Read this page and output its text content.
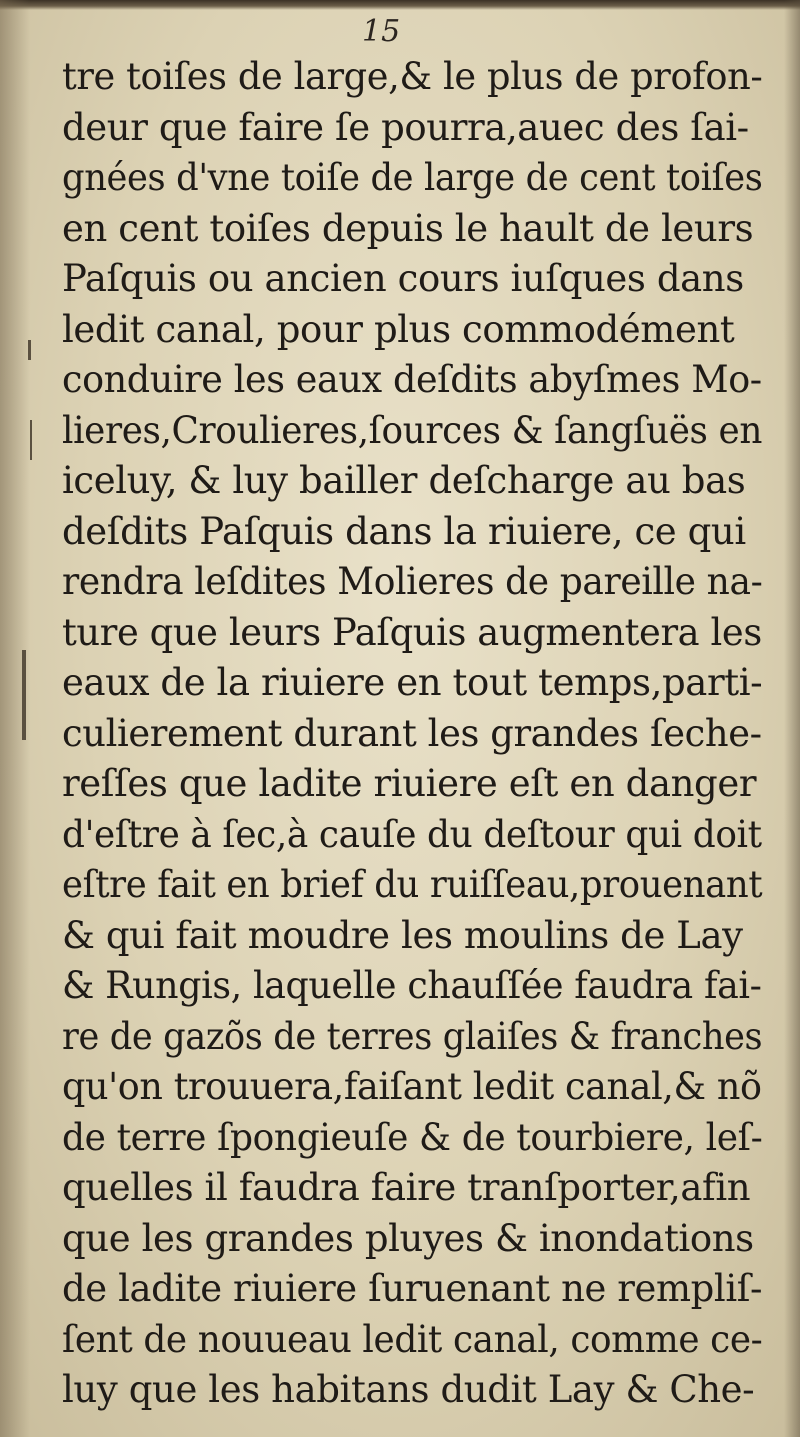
15
tre toiſes de large,& le plus de profon-
deur que faire ſe pourra,auec des ſai-
gnées d'vne toiſe de large de cent toiſes
en cent toiſes depuis le hault de leurs
Paſquis ou ancien cours iuſques dans
ledit canal, pour plus commodément
conduire les eaux deſdits abyſmes Mo-
lieres,Croulieres,ſources & ſangſuës en
iceluy, & luy bailler deſcharge au bas
deſdits Paſquis dans la riuiere, ce qui
rendra leſdites Molieres de pareille na-
ture que leurs Paſquis augmentera les
eaux de la riuiere en tout temps,parti-
culierement durant les grandes ſeche-
reſſes que ladite riuiere eſt en danger
d'eſtre à ſec,à cauſe du deſtour qui doit
eſtre fait en brief du ruiſſeau,prouenant
& qui fait moudre les moulins de Lay
& Rungis, laquelle chauſſée faudra fai-
re de gazõs de terres glaiſes & franches
qu'on trouuera,faiſant ledit canal,& nõ
de terre ſpongieuſe & de tourbiere, leſ-
quelles il faudra faire tranſporter,afin
que les grandes pluyes & inondations
de ladite riuiere ſuruenant ne rempliſ-
ſent de nouueau ledit canal, comme ce-
luy que les habitans dudit Lay & Che-
